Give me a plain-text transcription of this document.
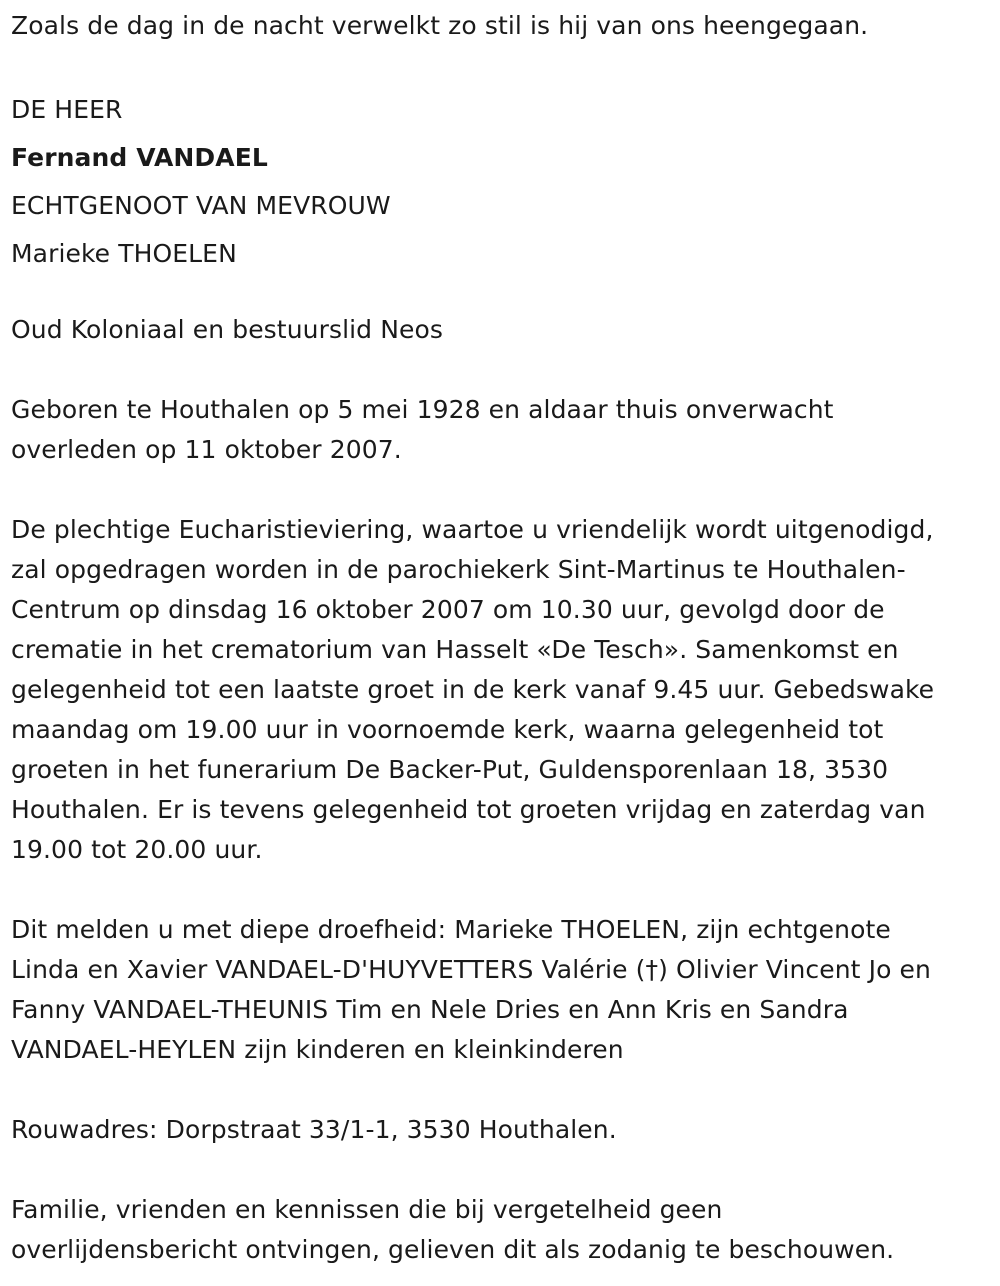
Zoals de dag in de nacht verwelkt zo stil is hij van ons heengegaan.

DE HEER

Fernand VANDAEL

ECHTGENOOT VAN MEVROUW

Marieke THOELEN

Oud Koloniaal en bestuurslid Neos

Geboren te Houthalen op 5 mei 1928 en aldaar thuis onverwacht
overleden op 11 oktober 2007.

De plechtige Eucharistieviering, waartoe u vriendelijk wordt uitgenodigd,
zal opgedragen worden in de parochiekerk Sint-Martinus te Houthalen-
Centrum op dinsdag 16 oktober 2007 om 10.30 uur, gevolgd door de
crematie in het crematorium van Hasselt «De Tesch». Samenkomst en
gelegenheid tot een laatste groet in de kerk vanaf 9.45 uur. Gebedswake
maandag om 19.00 uur in voornoemde kerk, waarna gelegenheid tot
groeten in het funerarium De Backer-Put, Guldensporenlaan 18, 3530
Houthalen. Er is tevens gelegenheid tot groeten vrijdag en zaterdag van
19.00 tot 20.00 uur.

Dit melden u met diepe droefheid: Marieke THOELEN, zijn echtgenote
Linda en Xavier VANDAEL-D'HUYVETTERS Valérie (†) Olivier Vincent Jo en
Fanny VANDAEL-THEUNIS Tim en Nele Dries en Ann Kris en Sandra
VANDAEL-HEYLEN zijn kinderen en kleinkinderen

Rouwadres: Dorpstraat 33/1-1, 3530 Houthalen.

Familie, vrienden en kennissen die bij vergetelheid geen
overlijdensbericht ontvingen, gelieven dit als zodanig te beschouwen.
